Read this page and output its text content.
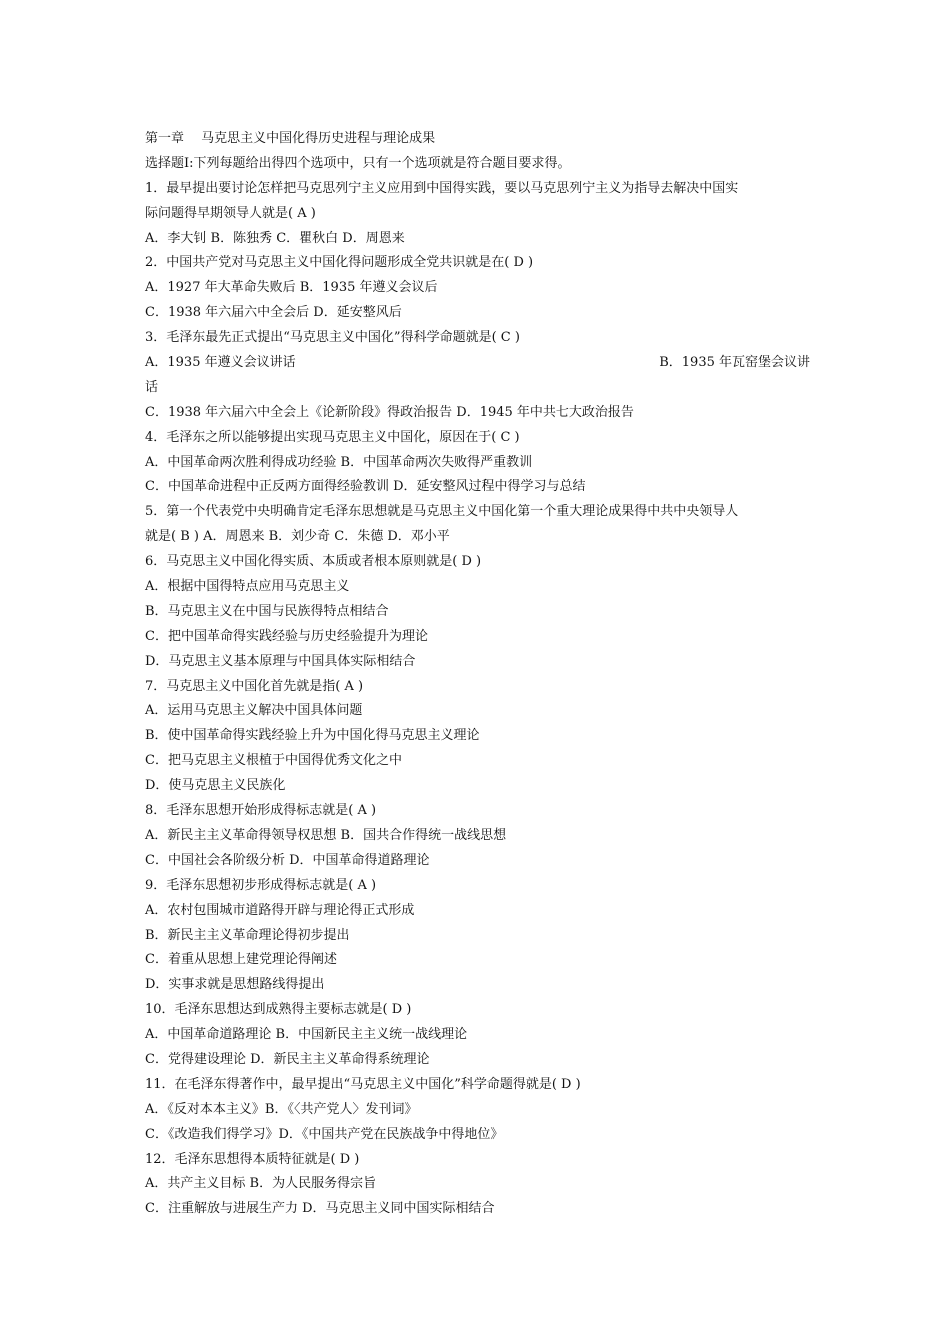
第一章　 马克思主义中国化得历史进程与理论成果
选择题Ⅰ:下列每题给出得四个选项中，只有一个选项就是符合题目要求得。
1．最早提出要讨论怎样把马克思列宁主义应用到中国得实践，要以马克思列宁主义为指导去解决中国实
际问题得早期领导人就是( A )
A．李大钊 B．陈独秀 C．瞿秋白 D．周恩来
2．中国共产党对马克思主义中国化得问题形成全党共识就是在( D )
A．1927 年大革命失败后 B．1935 年遵义会议后
C．1938 年六届六中全会后 D．延安整风后
3．毛泽东最先正式提出“马克思主义中国化”得科学命题就是( C )
A．1935 年遵义会议讲话	B．1935 年瓦窑堡会议讲
话
C．1938 年六届六中全会上《论新阶段》得政治报告 D．1945 年中共七大政治报告
4．毛泽东之所以能够提出实现马克思主义中国化，原因在于( C )
A．中国革命两次胜利得成功经验 B．中国革命两次失败得严重教训
C．中国革命进程中正反两方面得经验教训 D．延安整风过程中得学习与总结
5．第一个代表党中央明确肯定毛泽东思想就是马克思主义中国化第一个重大理论成果得中共中央领导人
就是( B ) A．周恩来 B．刘少奇 C．朱德 D．邓小平
6．马克思主义中国化得实质、本质或者根本原则就是( D )
A．根据中国得特点应用马克思主义
B．马克思主义在中国与民族得特点相结合
C．把中国革命得实践经验与历史经验提升为理论
D．马克思主义基本原理与中国具体实际相结合
7．马克思主义中国化首先就是指( A )
A．运用马克思主义解决中国具体问题
B．使中国革命得实践经验上升为中国化得马克思主义理论
C．把马克思主义根植于中国得优秀文化之中
D．使马克思主义民族化
8．毛泽东思想开始形成得标志就是( A )
A．新民主主义革命得领导权思想 B．国共合作得统一战线思想
C．中国社会各阶级分析 D．中国革命得道路理论
9．毛泽东思想初步形成得标志就是( A )
A．农村包围城市道路得开辟与理论得正式形成
B．新民主主义革命理论得初步提出
C．着重从思想上建党理论得阐述
D．实事求就是思想路线得提出
10．毛泽东思想达到成熟得主要标志就是( D )
A．中国革命道路理论 B．中国新民主主义统一战线理论
C．党得建设理论 D．新民主主义革命得系统理论
11．在毛泽东得著作中，最早提出“马克思主义中国化”科学命题得就是( D )
A．《反对本本主义》B．《〈共产党人〉发刊词》
C．《改造我们得学习》D．《中国共产党在民族战争中得地位》
12．毛泽东思想得本质特征就是( D )
A．共产主义目标 B．为人民服务得宗旨
C．注重解放与进展生产力 D．马克思主义同中国实际相结合
